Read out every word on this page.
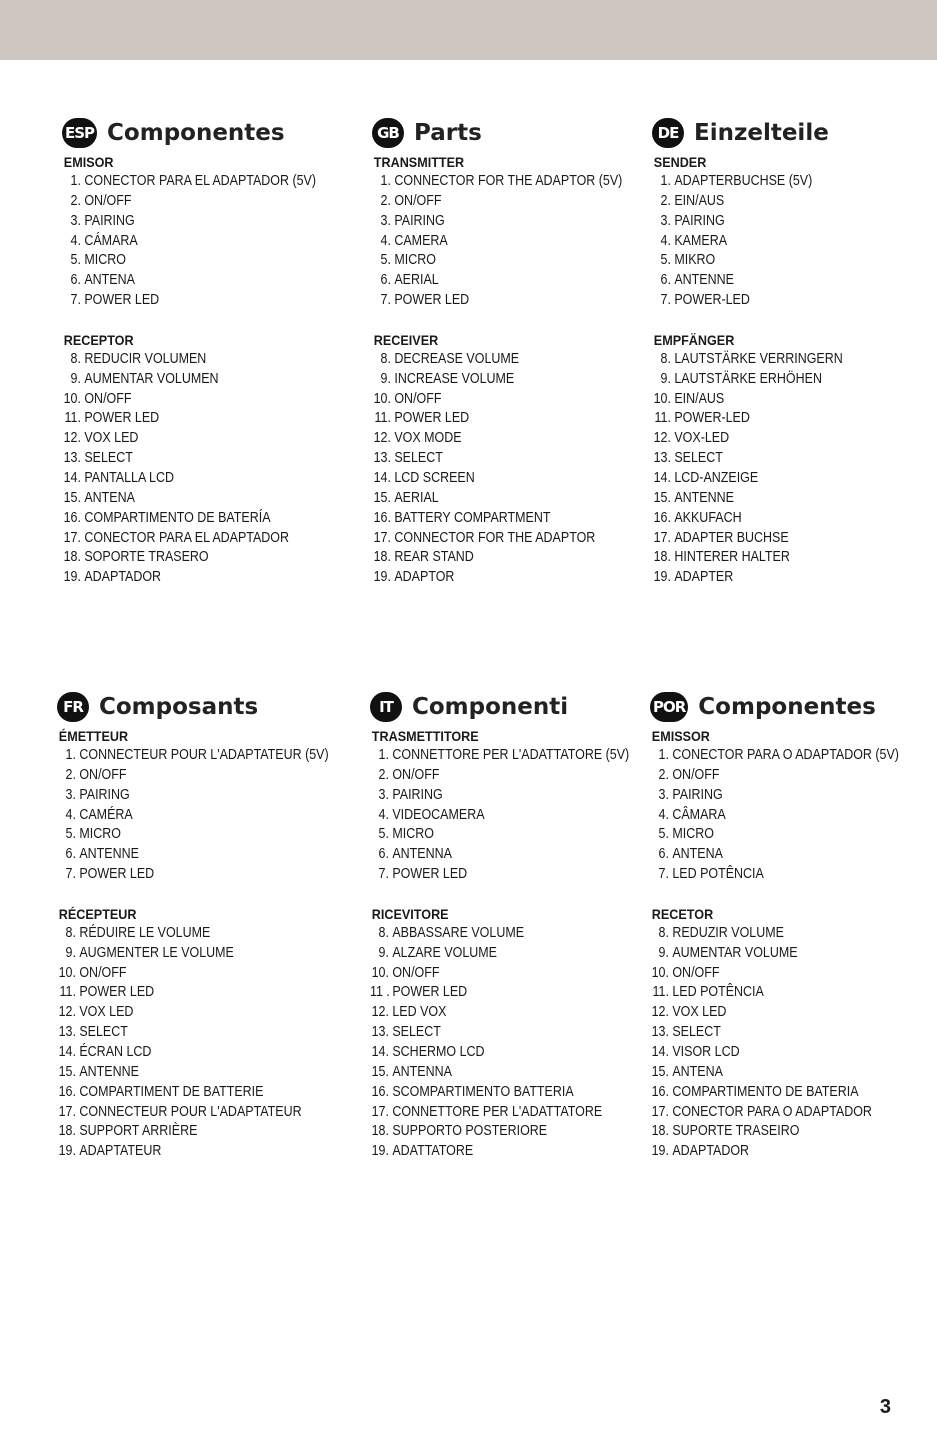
ESP Componentes
EMISOR
1. CONECTOR PARA EL ADAPTADOR (5V)
2. ON/OFF
3. PAIRING
4. CÁMARA
5. MICRO
6. ANTENA
7. POWER LED
RECEPTOR
8. REDUCIR VOLUMEN
9. AUMENTAR VOLUMEN
10. ON/OFF
11. POWER LED
12. VOX LED
13. SELECT
14. PANTALLA LCD
15. ANTENA
16. COMPARTIMENTO DE BATERÍA
17. CONECTOR PARA EL ADAPTADOR
18. SOPORTE TRASERO
19. ADAPTADOR
GB Parts
TRANSMITTER
1. CONNECTOR FOR THE ADAPTOR (5V)
2. ON/OFF
3. PAIRING
4. CAMERA
5. MICRO
6. AERIAL
7. POWER LED
RECEIVER
8. DECREASE VOLUME
9. INCREASE VOLUME
10. ON/OFF
11. POWER LED
12. VOX MODE
13. SELECT
14. LCD SCREEN
15. AERIAL
16. BATTERY COMPARTMENT
17. CONNECTOR FOR THE ADAPTOR
18. REAR STAND
19. ADAPTOR
DE Einzelteile
SENDER
1. ADAPTERBUCHSE (5V)
2. EIN/AUS
3. PAIRING
4. KAMERA
5. MIKRO
6. ANTENNE
7. POWER-LED
EMPFÄNGER
8. LAUTSTÄRKE VERRINGERN
9. LAUTSTÄRKE ERHÖHEN
10. EIN/AUS
11. POWER-LED
12. VOX-LED
13. SELECT
14. LCD-ANZEIGE
15. ANTENNE
16. AKKUFACH
17. ADAPTER BUCHSE
18. HINTERER HALTER
19. ADAPTER
FR Composants
ÉMETTEUR
1. CONNECTEUR POUR L'ADAPTATEUR (5V)
2. ON/OFF
3. PAIRING
4. CAMÉRA
5. MICRO
6. ANTENNE
7. POWER LED
RÉCEPTEUR
8. RÉDUIRE LE VOLUME
9. AUGMENTER LE VOLUME
10. ON/OFF
11. POWER LED
12. VOX LED
13. SELECT
14. ÉCRAN LCD
15. ANTENNE
16. COMPARTIMENT DE BATTERIE
17. CONNECTEUR POUR L'ADAPTATEUR
18. SUPPORT ARRIÈRE
19. ADAPTATEUR
IT Componenti
TRASMETTITORE
1. CONNETTORE PER L'ADATTATORE (5V)
2. ON/OFF
3. PAIRING
4. VIDEOCAMERA
5. MICRO
6. ANTENNA
7. POWER LED
RICEVITORE
8. ABBASSARE VOLUME
9. ALZARE VOLUME
10. ON/OFF
11 . POWER LED
12. LED VOX
13. SELECT
14. SCHERMO LCD
15. ANTENNA
16. SCOMPARTIMENTO BATTERIA
17. CONNETTORE PER L'ADATTATORE
18. SUPPORTO POSTERIORE
19. ADATTATORE
POR Componentes
EMISSOR
1. CONECTOR PARA O ADAPTADOR (5V)
2. ON/OFF
3. PAIRING
4. CÂMARA
5. MICRO
6. ANTENA
7. LED POTÊNCIA
RECETOR
8. REDUZIR VOLUME
9. AUMENTAR VOLUME
10. ON/OFF
11. LED POTÊNCIA
12. VOX LED
13. SELECT
14. VISOR LCD
15. ANTENA
16. COMPARTIMENTO DE BATERIA
17. CONECTOR PARA O ADAPTADOR
18. SUPORTE TRASEIRO
19. ADAPTADOR
3
